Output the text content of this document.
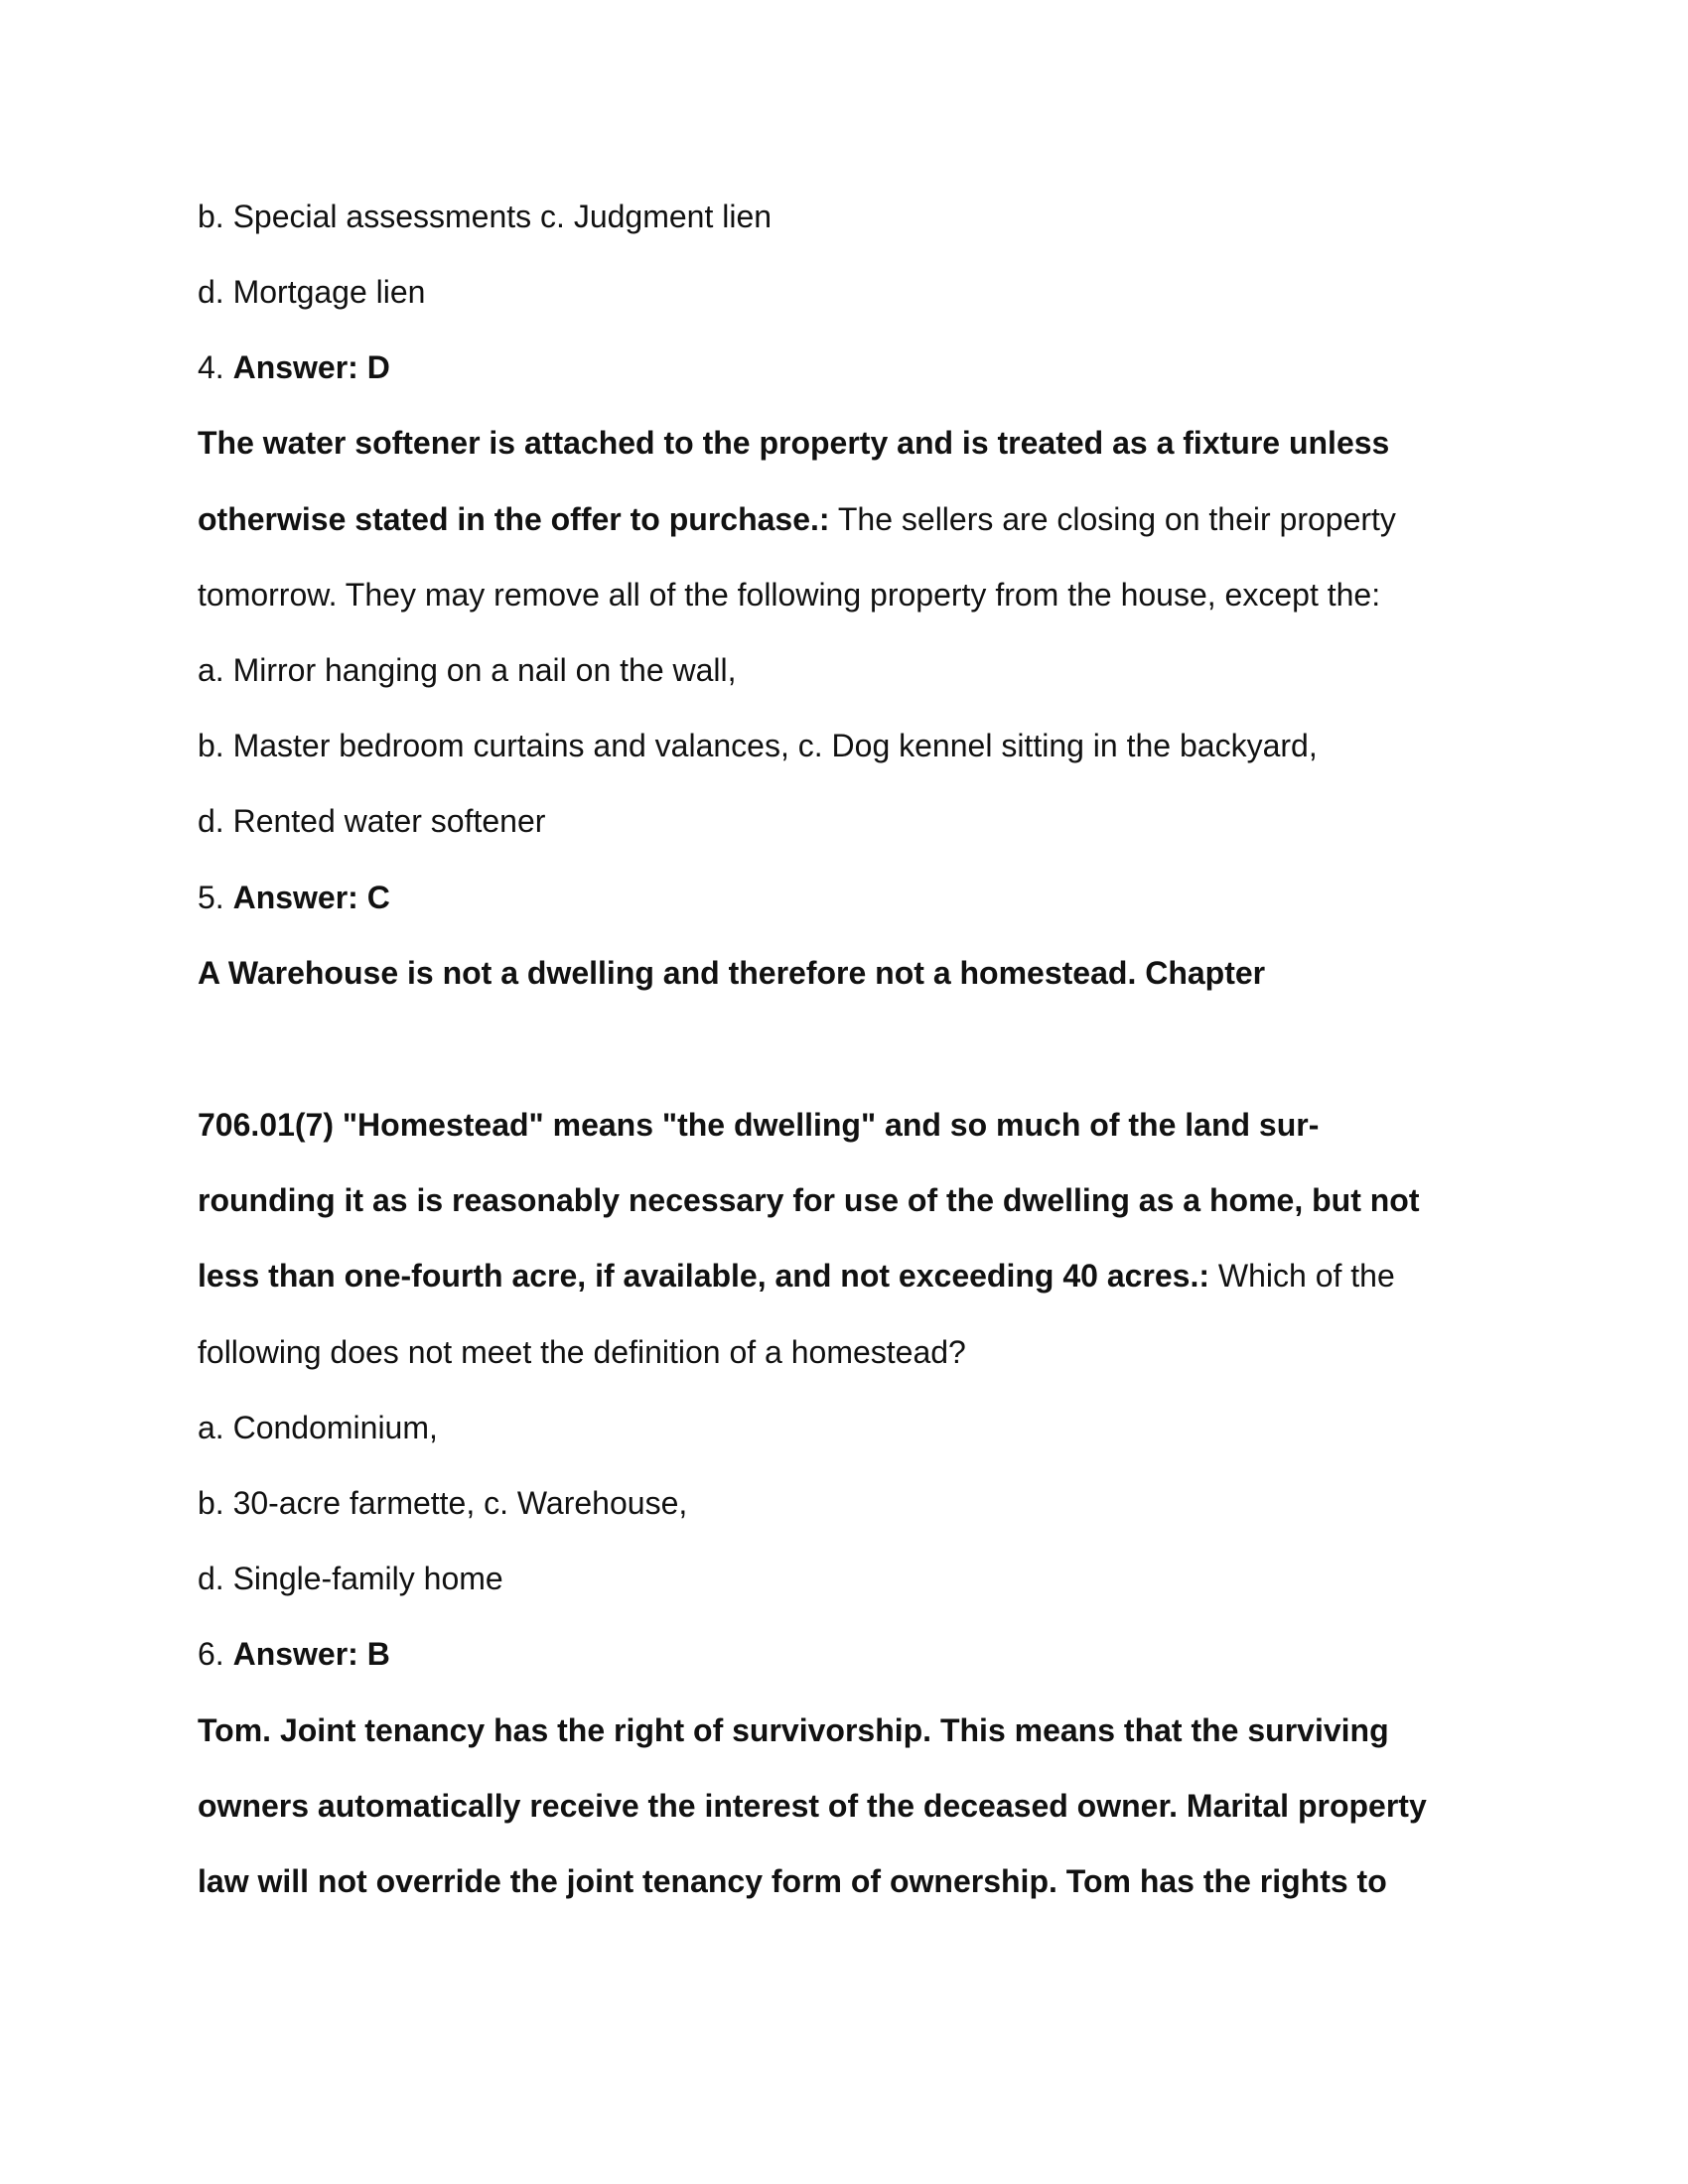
b. Special assessments c. Judgment lien
d. Mortgage lien
4. Answer: D
The water softener is attached to the property and is treated as a fixture unless
otherwise stated in the offer to purchase.: The sellers are closing on their property
tomorrow. They may remove all of the following property from the house, except the:
a. Mirror hanging on a nail on the wall,
b. Master bedroom curtains and valances, c. Dog kennel sitting in the backyard,
d. Rented water softener
5. Answer: C
A Warehouse is not a dwelling and therefore not a homestead. Chapter
706.01(7) "Homestead" means "the dwelling" and so much of the land sur-
rounding it as is reasonably necessary for use of the dwelling as a home, but not
less than one-fourth acre, if available, and not exceeding 40 acres.: Which of the
following does not meet the definition of a homestead?
a. Condominium,
b. 30-acre farmette, c. Warehouse,
d. Single-family home
6. Answer: B
Tom. Joint tenancy has the right of survivorship. This means that the surviving
owners automatically receive the interest of the deceased owner. Marital property
law will not override the joint tenancy form of ownership. Tom has the rights to
